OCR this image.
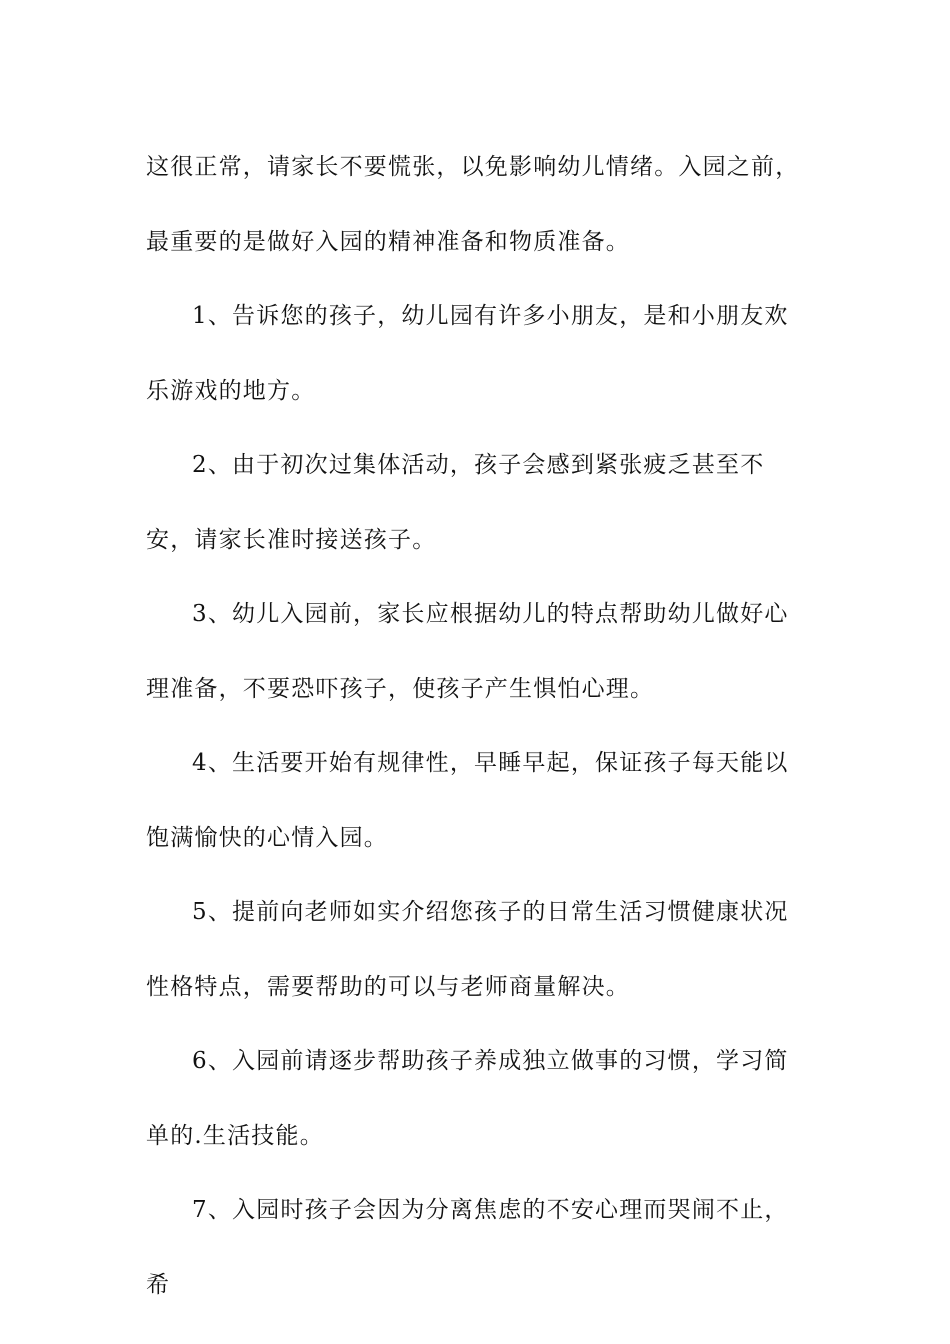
这很正常，请家长不要慌张，以免影响幼儿情绪。入园之前，最重要的是做好入园的精神准备和物质准备。

1、告诉您的孩子，幼儿园有许多小朋友，是和小朋友欢乐游戏的地方。

2、由于初次过集体活动，孩子会感到紧张疲乏甚至不安，请家长准时接送孩子。

3、幼儿入园前，家长应根据幼儿的特点帮助幼儿做好心理准备，不要恐吓孩子，使孩子产生惧怕心理。

4、生活要开始有规律性，早睡早起，保证孩子每天能以饱满愉快的心情入园。

5、提前向老师如实介绍您孩子的日常生活习惯健康状况性格特点，需要帮助的可以与老师商量解决。

6、入园前请逐步帮助孩子养成独立做事的习惯，学习简单的.生活技能。

7、入园时孩子会因为分离焦虑的不安心理而哭闹不止，希
